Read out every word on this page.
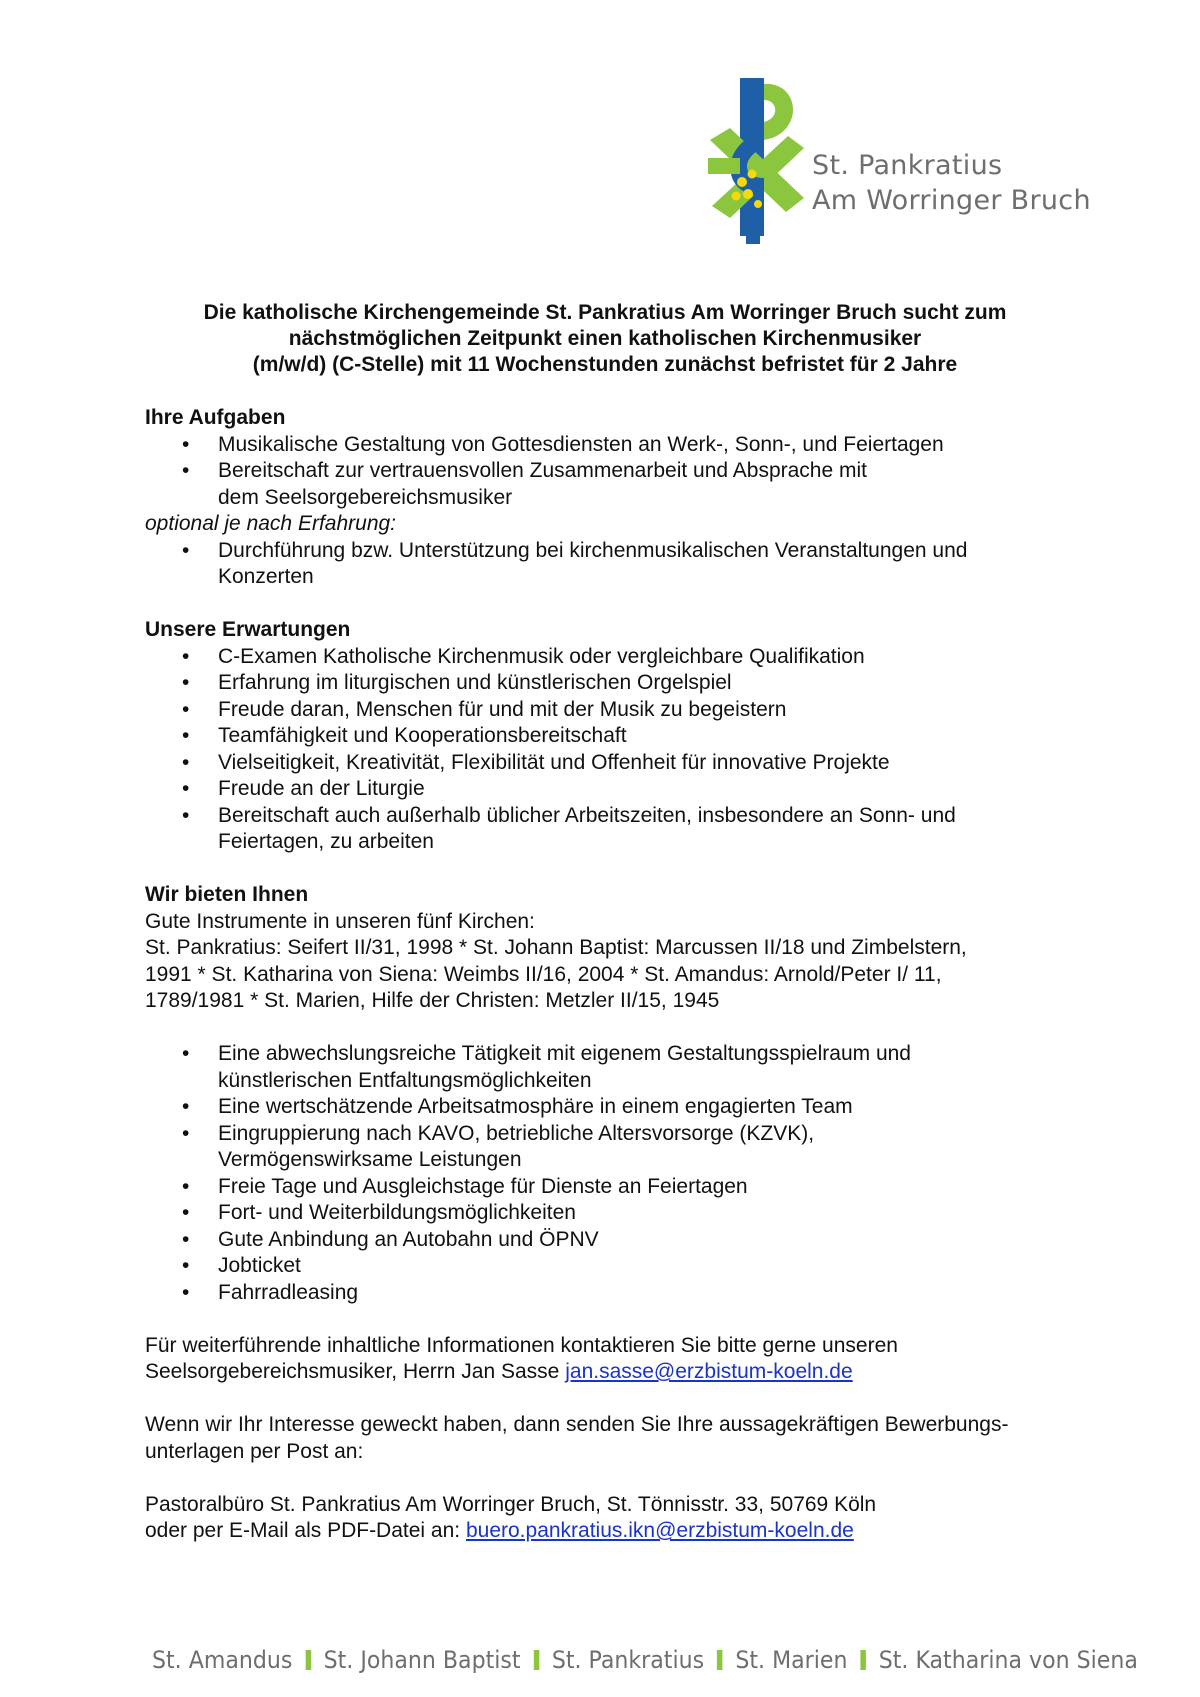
St. Pankratius
Am Worringer Bruch
Die katholische Kirchengemeinde St. Pankratius Am Worringer Bruch sucht zum
nächstmöglichen Zeitpunkt einen katholischen Kirchenmusiker
(m/w/d) (C-Stelle) mit 11 Wochenstunden zunächst befristet für 2 Jahre
Ihre Aufgaben
• Musikalische Gestaltung von Gottesdiensten an Werk-, Sonn-, und Feiertagen
• Bereitschaft zur vertrauensvollen Zusammenarbeit und Absprache mit dem Seelsorgebereichsmusiker
optional je nach Erfahrung:
• Durchführung bzw. Unterstützung bei kirchenmusikalischen Veranstaltungen und Konzerten
Unsere Erwartungen
• C-Examen Katholische Kirchenmusik oder vergleichbare Qualifikation
• Erfahrung im liturgischen und künstlerischen Orgelspiel
• Freude daran, Menschen für und mit der Musik zu begeistern
• Teamfähigkeit und Kooperationsbereitschaft
• Vielseitigkeit, Kreativität, Flexibilität und Offenheit für innovative Projekte
• Freude an der Liturgie
• Bereitschaft auch außerhalb üblicher Arbeitszeiten, insbesondere an Sonn- und Feiertagen, zu arbeiten
Wir bieten Ihnen
Gute Instrumente in unseren fünf Kirchen:
St. Pankratius: Seifert II/31, 1998 * St. Johann Baptist: Marcussen II/18 und Zimbelstern, 1991 * St. Katharina von Siena: Weimbs II/16, 2004 * St. Amandus: Arnold/Peter I/ 11, 1789/1981 * St. Marien, Hilfe der Christen: Metzler II/15, 1945
• Eine abwechslungsreiche Tätigkeit mit eigenem Gestaltungsspielraum und künstlerischen Entfaltungsmöglichkeiten
• Eine wertschätzende Arbeitsatmosphäre in einem engagierten Team
• Eingruppierung nach KAVO, betriebliche Altersvorsorge (KZVK), Vermögenswirksame Leistungen
• Freie Tage und Ausgleichstage für Dienste an Feiertagen
• Fort- und Weiterbildungsmöglichkeiten
• Gute Anbindung an Autobahn und ÖPNV
• Jobticket
• Fahrradleasing
Für weiterführende inhaltliche Informationen kontaktieren Sie bitte gerne unseren Seelsorgebereichsmusiker, Herrn Jan Sasse jan.sasse@erzbistum-koeln.de
Wenn wir Ihr Interesse geweckt haben, dann senden Sie Ihre aussagekräftigen Bewerbungs-unterlagen per Post an:
Pastoralbüro St. Pankratius Am Worringer Bruch, St. Tönnisstr. 33, 50769 Köln
oder per E-Mail als PDF-Datei an: buero.pankratius.ikn@erzbistum-koeln.de
St. Amandus St. Johann Baptist St. Pankratius St. Marien St. Katharina von Siena
